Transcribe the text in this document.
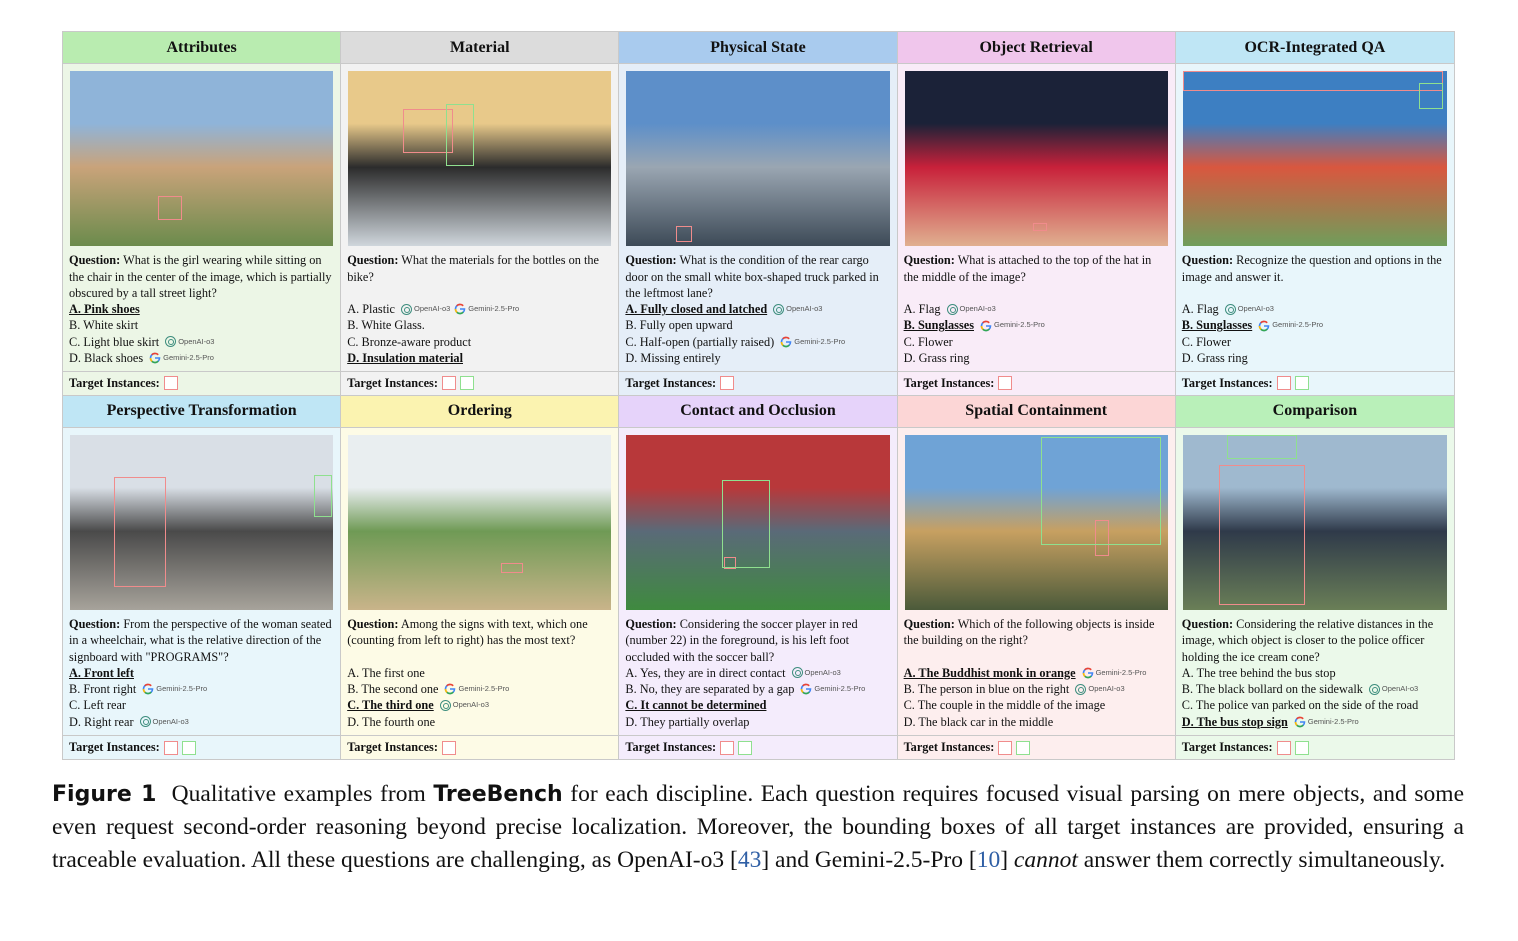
Attributes
Question: What is the girl wearing while sitting on the chair in the center of the image, which is partially obscured by a tall street light?
A. Pink shoes
B. White skirt
C. Light blue skirt	OpenAI-o3
D. Black shoes	Gemini-2.5-Pro
Target Instances:
Material
Question: What the materials for the bottles on the bike?
A. Plastic	OpenAI-o3 Gemini-2.5-Pro
B. White Glass.
C. Bronze-aware product
D. Insulation material
Target Instances:
Physical State
Question: What is the condition of the rear cargo door on the small white box-shaped truck parked in the leftmost lane?
A. Fully closed and latched	OpenAI-o3
B. Fully open upward
C. Half-open (partially raised)	Gemini-2.5-Pro
D. Missing entirely
Target Instances:
Object Retrieval
Question: What is attached to the top of the hat in the middle of the image?
A. Flag	OpenAI-o3
B. Sunglasses	Gemini-2.5-Pro
C. Flower
D. Grass ring
Target Instances:
OCR-Integrated QA
Question: Recognize the question and options in the image and answer it.
A. Flag	OpenAI-o3
B. Sunglasses	Gemini-2.5-Pro
C. Flower
D. Grass ring
Target Instances:
Perspective Transformation
Question: From the perspective of the woman seated in a wheelchair, what is the relative direction of the signboard with "PROGRAMS"?
A. Front left
B. Front right	Gemini-2.5-Pro
C. Left rear
D. Right rear	OpenAI-o3
Target Instances:
Ordering
Question: Among the signs with text, which one (counting from left to right) has the most text?
A. The first one
B. The second one	Gemini-2.5-Pro
C. The third one	OpenAI-o3
D. The fourth one
Target Instances:
Contact and Occlusion
Question: Considering the soccer player in red (number 22) in the foreground, is his left foot occluded with the soccer ball?
A. Yes, they are in direct contact	OpenAI-o3
B. No, they are separated by a gap	Gemini-2.5-Pro
C. It cannot be determined
D. They partially overlap
Target Instances:
Spatial Containment
Question: Which of the following objects is inside the building on the right?
A. The Buddhist monk in orange	Gemini-2.5-Pro
B. The person in blue on the right	OpenAI-o3
C. The couple in the middle of the image
D. The black car in the middle
Target Instances:
Comparison
Question: Considering the relative distances in the image, which object is closer to the police officer holding the ice cream cone?
A. The tree behind the bus stop
B. The black bollard on the sidewalk	OpenAI-o3
C. The police van parked on the side of the road
D. The bus stop sign	Gemini-2.5-Pro
Target Instances:
Figure 1 Qualitative examples from TreeBench for each discipline. Each question requires focused visual parsing on mere objects, and some even request second-order reasoning beyond precise localization. Moreover, the bounding boxes of all target instances are provided, ensuring a traceable evaluation. All these questions are challenging, as OpenAI-o3 [43] and Gemini-2.5-Pro [10] cannot answer them correctly simultaneously.
